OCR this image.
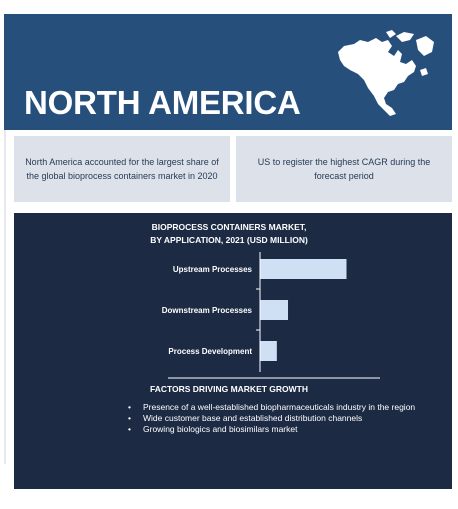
NORTH AMERICA
North America accounted for the largest share of the global bioprocess containers market in 2020
US to register the highest CAGR during the forecast period
BIOPROCESS CONTAINERS MARKET,
BY APPLICATION, 2021 (USD MILLION)
Upstream Processes
Downstream Processes
Process Development
FACTORS DRIVING MARKET GROWTH
• Presence of a well-established biopharmaceuticals industry in the region
• Wide customer base and established distribution channels
• Growing biologics and biosimilars market
